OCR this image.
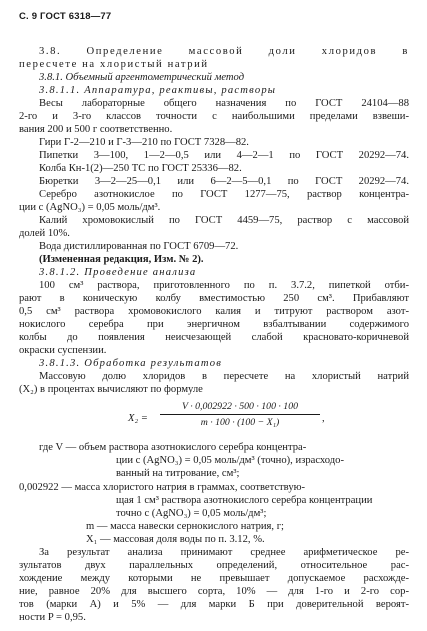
С. 9 ГОСТ 6318—77
3.8. Определение массовой доли хлоридов в
пересчете на хлористый натрий
3.8.1. Объемный аргентометрический метод
3.8.1.1. Аппаратура, реактивы, растворы
Весы лабораторные общего назначения по ГОСТ 24104—88
2-го и 3-го классов точности с наибольшими пределами взвеши-
вания 200 и 500 г соответственно.
Гири Г-2—210 и Г-3—210 по ГОСТ 7328—82.
Пипетки 3—100, 1—2—0,5 или 4—2—1 по ГОСТ 20292—74.
Колба Кн-1(2)—250 ТС по ГОСТ 25336—82.
Бюретки 3—2—25—0,1 или 6—2—5—0,1 по ГОСТ 20292—74.
Серебро азотнокислое по ГОСТ 1277—75, раствор концентра-
ции с (AgNO₃) = 0,05 моль/дм³.
Калий хромовокислый по ГОСТ 4459—75, раствор с массовой
долей 10%.
Вода дистиллированная по ГОСТ 6709—72.
(Измененная редакция, Изм. № 2).
3.8.1.2. Проведение анализа
100 см³ раствора, приготовленного по п. 3.7.2, пипеткой отби-
рают в коническую колбу вместимостью 250 см³. Прибавляют
0,5 см³ раствора хромовокислого калия и титруют раствором азот-
нокислого серебра при энергичном взбалтывании содержимого
колбы до появления неисчезающей слабой красновато-коричневой
окраски суспензии.
3.8.1.3. Обработка результатов
Массовую долю хлоридов в пересчете на хлористый натрий
(X₂) в процентах вычисляют по формуле
X₂ =
V · 0,002922 · 500 · 100 · 100
m · 100 · (100 − X₁)	,
где V — объем раствора азотнокислого серебра концентра-
ции с (AgNO₃) = 0,05 моль/дм³ (точно), израсходо-
ванный на титрование, см³;
0,002922 — масса хлористого натрия в граммах, соответствую-
щая 1 см³ раствора азотнокислого серебра концентрации
точно с (AgNO₃) = 0,05 моль/дм³;
m — масса навески сернокислого натрия, г;
X₁ — массовая доля воды по п. 3.12, %.
За результат анализа принимают среднее арифметическое ре-
зультатов двух параллельных определений, относительное рас-
хождение между которыми не превышает допускаемое расхожде-
ние, равное 20% для высшего сорта, 10% — для 1-го и 2-го сор-
тов (марки А) и 5% — для марки Б при доверительной вероят-
ности P = 0,95.
